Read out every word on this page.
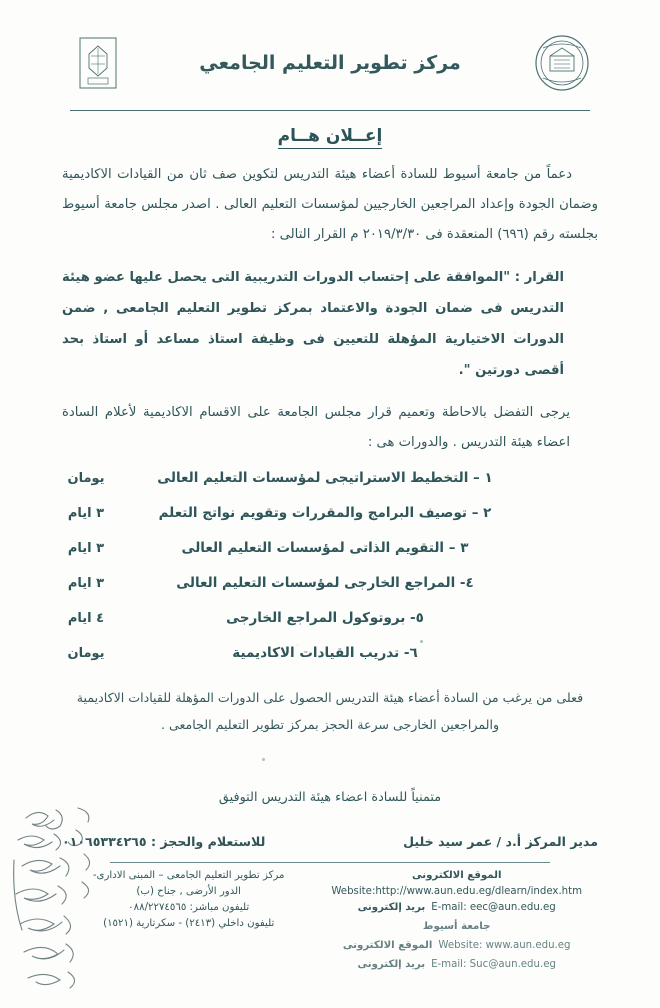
مركز تطوير التعليم الجامعي
إعــلان هــام

دعماً من جامعة أسيوط للسادة أعضاء هيئة التدريس لتكوين صف ثان من القيادات الاكاديمية وضمان الجودة وإعداد المراجعين الخارجيين لمؤسسات التعليم العالى . اصدر مجلس جامعة أسيوط بجلسته رقم (٦٩٦) المنعقدة فى ٢٠١٩/٣/٣٠ م القرار التالى :

القرار : "الموافقة على إحتساب الدورات التدريبية التى يحصل عليها عضو هيئة التدريس فى ضمان الجودة والاعتماد بمركز تطوير التعليم الجامعى , ضمن الدورات الاختيارية المؤهلة للتعيين فى وظيفة استاذ مساعد أو استاذ بحد أقصى دورتين ".

يرجى التفضل بالاحاطة وتعميم قرار مجلس الجامعة على الاقسام الاكاديمية لأعلام السادة اعضاء هيئة التدريس . والدورات هى :

١ – التخطيط الاستراتيجى لمؤسسات التعليم العالى
يومان
٢ – توصيف البرامج والمقررات وتقويم نواتج التعلم
٣ ايام
٣ – التقويم الذاتى لمؤسسات التعليم العالى
٣ ايام
٤- المراجع الخارجى لمؤسسات التعليم العالى
٣ ايام
٥- بروتوكول المراجع الخارجى
٤ ايام
٦- تدريب القيادات الاكاديمية
يومان
فعلى من يرغب من السادة أعضاء هيئة التدريس الحصول على الدورات المؤهلة للقيادات الاكاديمية والمراجعين الخارجى سرعة الحجز بمركز تطوير التعليم الجامعى .
متمنياً للسادة اعضاء هيئة التدريس التوفيق
مدير المركز أ.د / عمر سيد خليل
للاستعلام والحجز : ٠١٠٦٥٣٣٤٢٦٥
الموقع الالكترونى
Website:http://www.aun.edu.eg/dlearn/index.htm
E-mail: eec@aun.edu.eg
بريد إلكترونى
جامعة أسيوط
Website: www.aun.edu.eg
الموقع الالكترونى
E-mail: Suc@aun.edu.eg
بريد إلكترونى
مركز تطوير التعليم الجامعى – المبنى الادارى-
الدور الأرضى , جناح (ب)
تليفون مباشر: ٠٨٨/٢٢٧٤٥٦٥
تليفون داخلي (٢٤١٣) - سكرتارية (١٥٢١)
